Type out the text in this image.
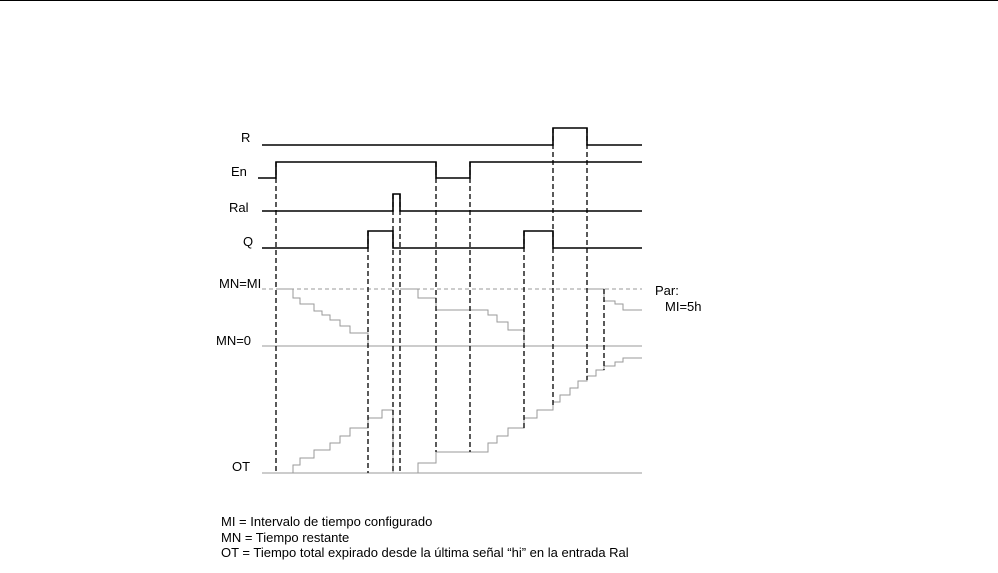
R
En
Ral
Q
MN=MI
MN=0
OT
Par:
MI=5h
MI = Intervalo de tiempo configurado
MN = Tiempo restante
OT = Tiempo total expirado desde la última señal “hi” en la entrada Ral
